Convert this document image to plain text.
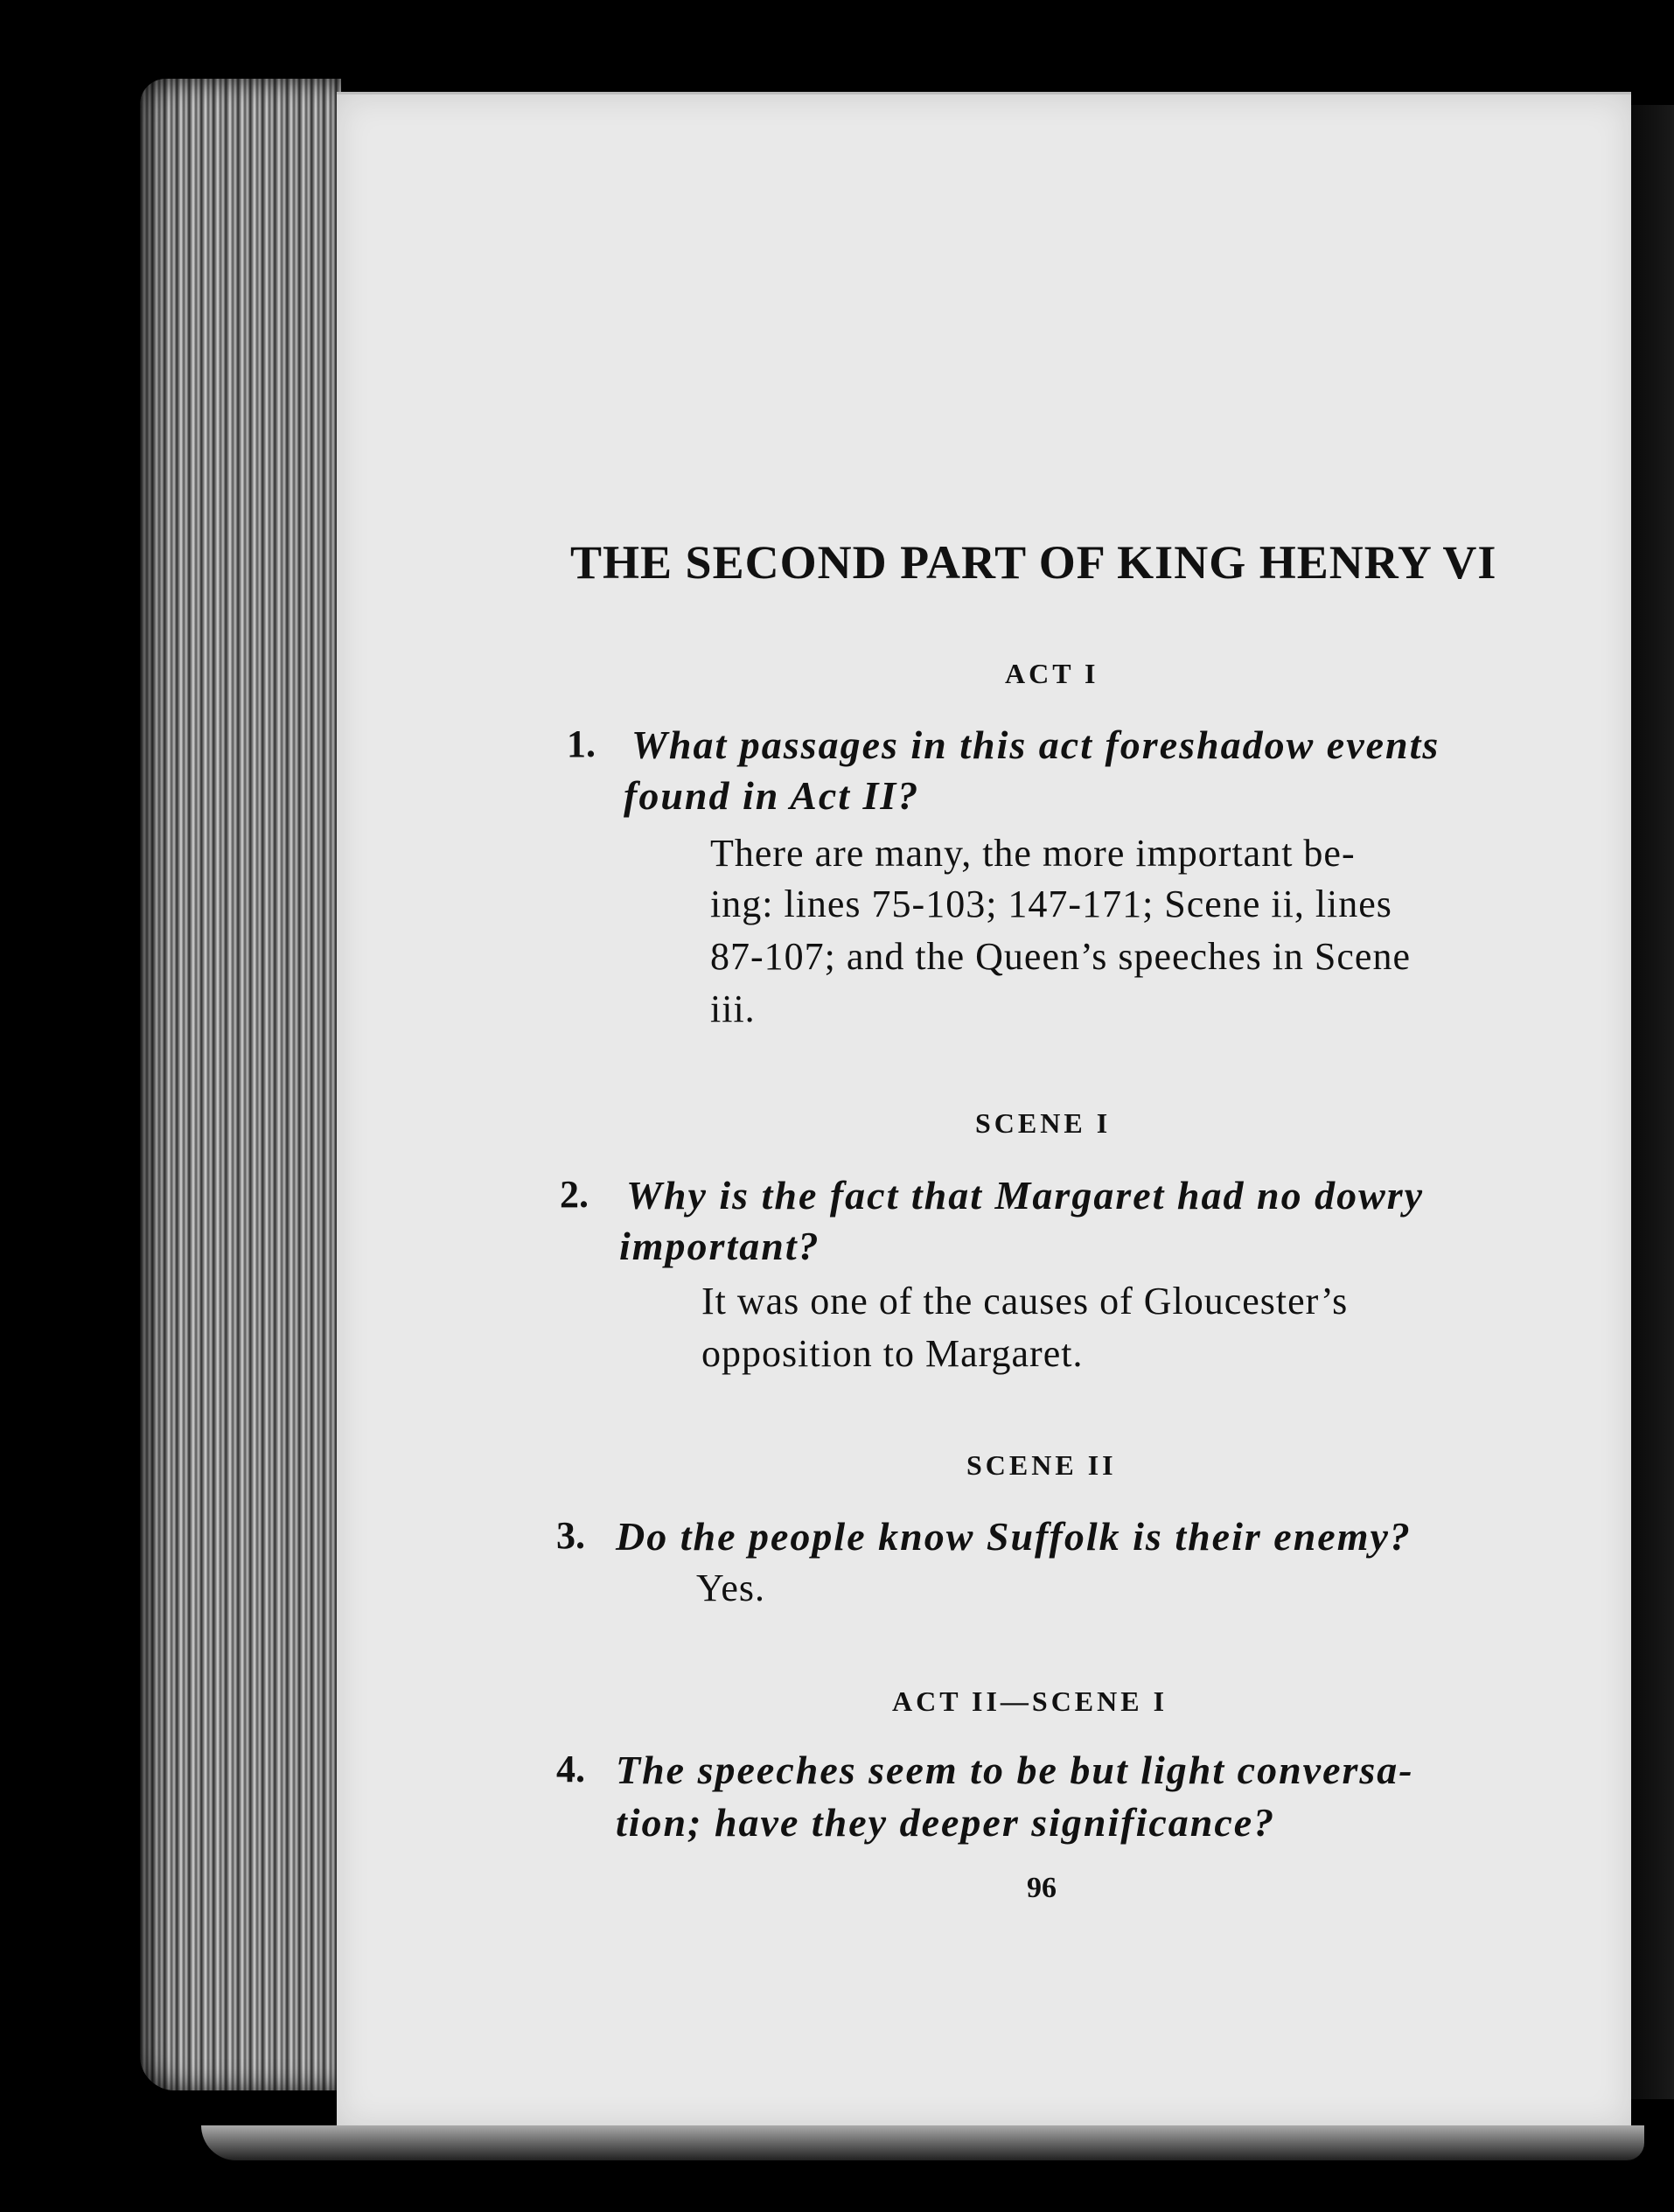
THE SECOND PART OF KING HENRY VI
ACT I
1. What passages in this act foreshadow events
found in Act II?
There are many, the more important be-
ing: lines 75-103; 147-171; Scene ii, lines
87-107; and the Queen’s speeches in Scene
iii.
SCENE I
2. Why is the fact that Margaret had no dowry
important?
It was one of the causes of Gloucester’s
opposition to Margaret.
SCENE II
3. Do the people know Suffolk is their enemy?
Yes.
ACT II—SCENE I
4. The speeches seem to be but light conversa-
tion; have they deeper significance?
96
